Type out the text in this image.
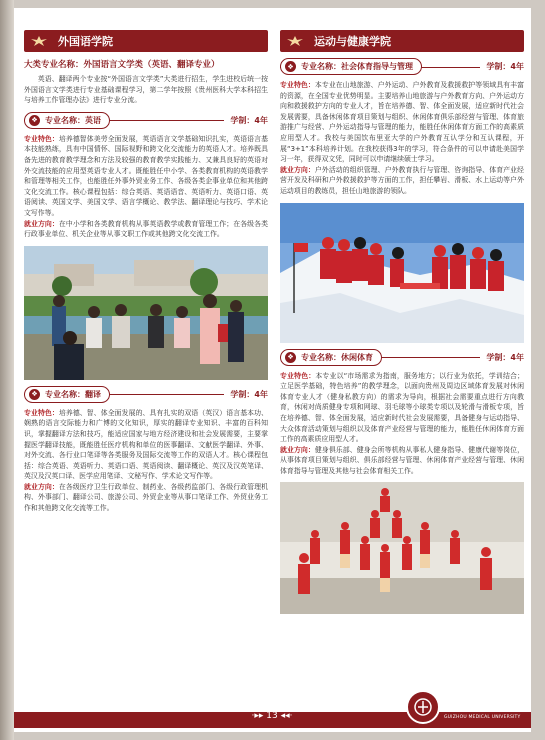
外国语学院
大类专业名称：外国语言文学类（英语、翻译专业）
英语、翻译两个专业按“外国语言文学类”大类进行招生，学生进校后统一按外国语言文学类进行专业基础课程学习，第二学年按照《贵州医科大学本科招生与培养工作管理办法》进行专业分流。
❖ 专业名称：英语	学制：4年
专业特色：培养德智体美劳全面发展，英语语言文学基础知识扎实，英语语言基本技能熟练，具有中国情怀、国际视野和跨文化交流能力的英语人才。培养既具备先进的教育教学理念和方法及较强的教育教学实践能力、又兼具良好的英语对外交流技能的应用型英语专业人才。既能胜任中小学、各类教育机构的英语教学和管理等相关工作，也能胜任外事外贸业务工作、各级各类企事业单位和其他跨文化交流工作。核心课程包括：综合英语、英语语音、英语听力、英语口语、英语阅读、英国文学、美国文学、语言学概论、教学法、翻译理论与技巧、学术论文写作等。
就业方向：在中小学和各类教育机构从事英语教学或教育管理工作；在各级各类行政事业单位、机关企业等从事文职工作或其他跨文化交流工作。
❖ 专业名称：翻译	学制：4年
专业特色：培养德、智、体全面发展的、具有扎实的双语（英汉）语言基本功、娴熟的语言交际能力和广博的文化知识，厚实的翻译专业知识、丰富的百科知识，掌握翻译方法和技巧，能适应国家与地方经济建设和社会发展需要，主要掌握医学翻译技能，既能胜任医疗机构和单位的医事翻译、文献医学翻译、外事、对外交流、各行业口笔译等各类服务及国际交流等工作的双语人才。核心课程包括：综合英语、英语听力、英语口语、英语阅读、翻译概论、英汉及汉英笔译、英汉及汉英口译、医学应用笔译、文秘写作、学术论文写作等。
就业方向：在各级医疗卫生行政单位、制药业、各级药监部门、各级行政管理机构、外事部门、翻译公司、旅游公司、外贸企业等从事口笔译工作、外贸业务工作和其他跨文化交流等工作。
运动与健康学院
❖ 专业名称：社会体育指导与管理	学制：4年
专业特色：本专业在山地旅游、户外运动、户外教育及救援救护等领域具有丰富的资源，在全国专业优势明显。主要培养山地旅游与户外教育方向、户外运动方向和救援救护方向的专业人才，旨在培养德、智、体全面发展，适应新时代社会发展需要，具备休闲体育项目策划与组织、休闲体育俱乐部经营与管理、体育旅游推广与经营、户外运动指导与管理的能力，能胜任休闲体育方面工作的高素质应用型人才。我校与美国饮布里亚大学的户外教育互认学分和互认课程，开展“3+1”本科培养计划。在我校获得3年的学习，符合条件的可以申请赴美国学习一年，获得双文凭，同时可以申请继续硕士学习。
就业方向：户外活动的组织管理、户外教育执行与管理、咨询指导、体育产业经营开发及科研和户外救援救护等方面的工作，担任攀岩、滑板、水上运动等户外运动项目的教练员，担任山地旅游的领队。
❖ 专业名称：休闲体育	学制：4年
专业特色：本专业以“市场需求为指南，服务地方；以行业为依托，学训结合；立足医学基础，特色培养”的教学理念，以面向贵州及周边区域体育发展对休闲体育专业人才（健身私教方向）的需求为导向，根据社会需要重点进行方向教育，休闲对尚质健身专项和网球、羽毛球等小球类专项以及轮滑与滑板专项，旨在培养德、智、体全面发展，适应新时代社会发展需要，具备健身与运动指导、大众体育活动策划与组织以及体育产业经营与管理的能力，能胜任休闲体育方面工作的高素质应用型人才。
就业方向：健身俱乐部、健身会所等机构从事私人健身指导、健康代谢等岗位，从事体育项目策划与组织、俱乐部经营与管理、休闲体育产业经营与管理、休闲体育指导与管理及其他与社会体育相关工作。
·▸▸ 13 ◂◂·
贵州医科大学
GUIZHOU MEDICAL UNIVERSITY
